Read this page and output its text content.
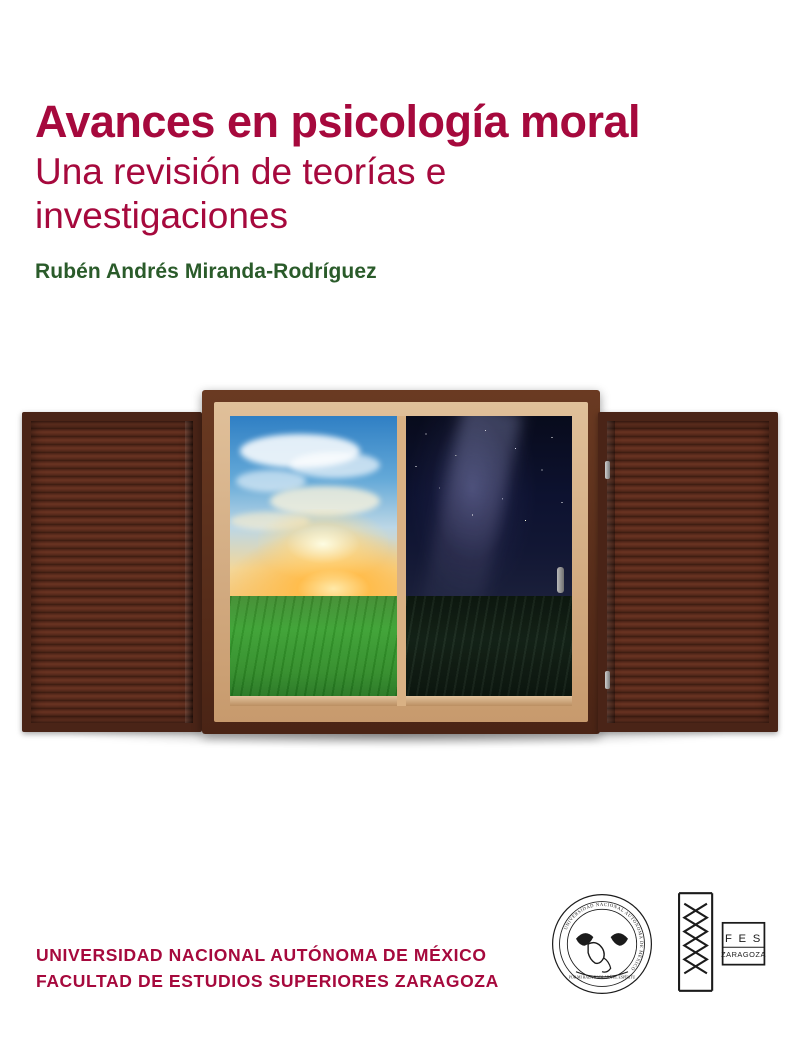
Avances en psicología moral
Una revisión de teorías e
investigaciones
Rubén Andrés Miranda-Rodríguez
UNIVERSIDAD NACIONAL AUTÓNOMA DE MÉXICO
FACULTAD DE ESTUDIOS SUPERIORES ZARAGOZA
UNIVERSIDAD NACIONAL AUTÓNOMA DE MÉXICO
POR MI RAZA HABLARÁ EL ESPÍRITU
F E S
ZARAGOZA
